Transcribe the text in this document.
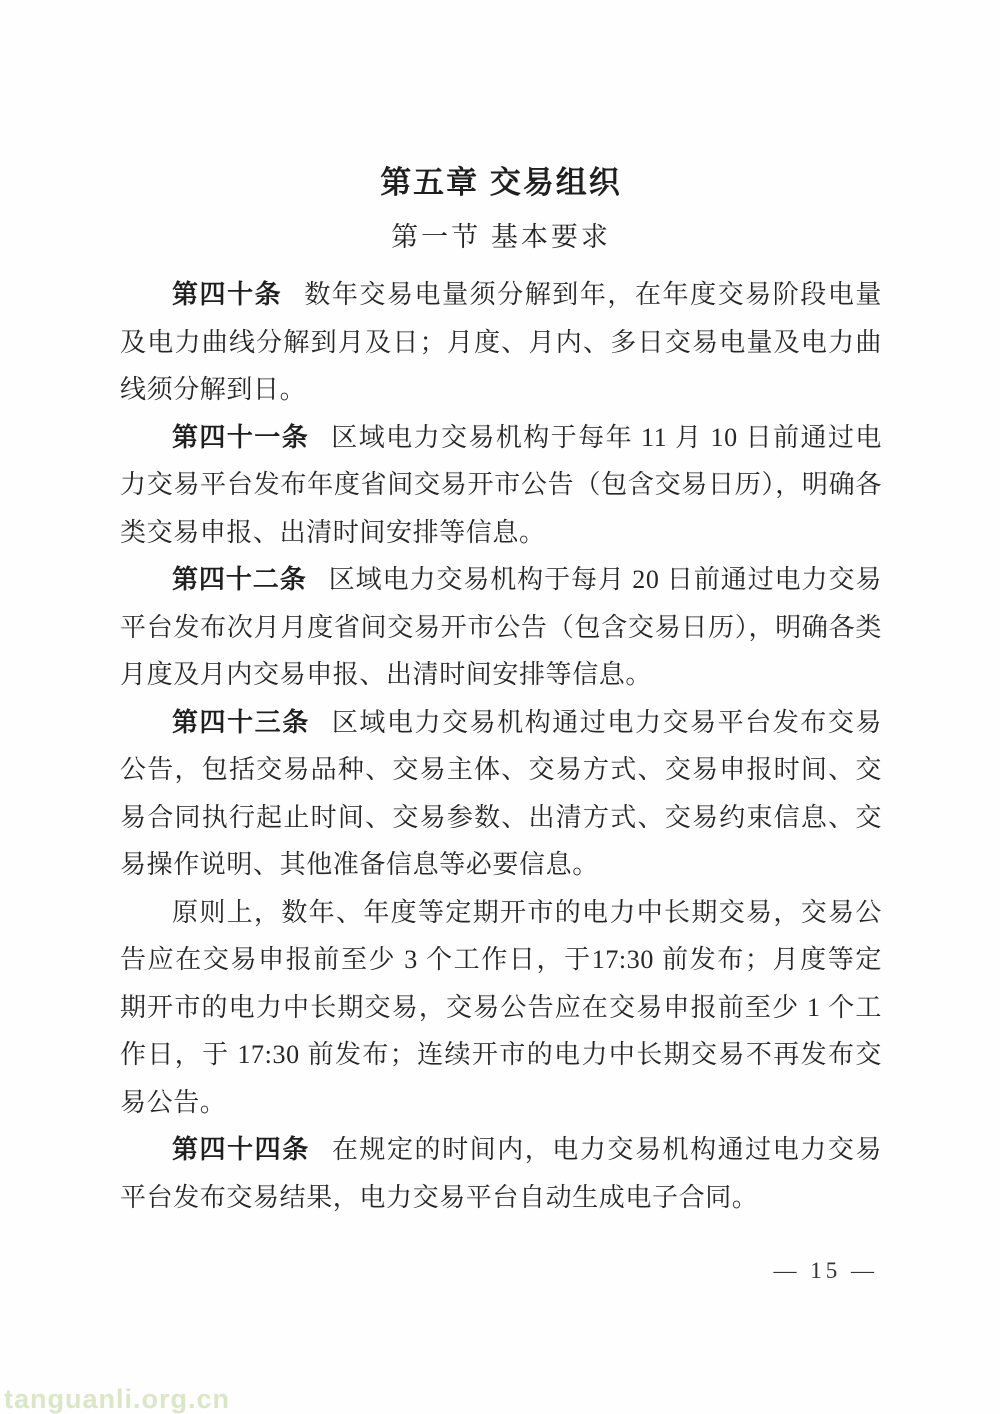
第五章 交易组织
第一节 基本要求

第四十条 数年交易电量须分解到年，在年度交易阶段电量及电力曲线分解到月及日；月度、月内、多日交易电量及电力曲线须分解到日。

第四十一条 区域电力交易机构于每年 11 月 10 日前通过电力交易平台发布年度省间交易开市公告（包含交易日历），明确各类交易申报、出清时间安排等信息。

第四十二条 区域电力交易机构于每月 20 日前通过电力交易平台发布次月月度省间交易开市公告（包含交易日历），明确各类月度及月内交易申报、出清时间安排等信息。

第四十三条 区域电力交易机构通过电力交易平台发布交易公告，包括交易品种、交易主体、交易方式、交易申报时间、交易合同执行起止时间、交易参数、出清方式、交易约束信息、交易操作说明、其他准备信息等必要信息。

原则上，数年、年度等定期开市的电力中长期交易，交易公告应在交易申报前至少 3 个工作日，于17:30 前发布；月度等定期开市的电力中长期交易，交易公告应在交易申报前至少 1 个工作日，于 17:30 前发布；连续开市的电力中长期交易不再发布交易公告。

第四十四条 在规定的时间内，电力交易机构通过电力交易平台发布交易结果，电力交易平台自动生成电子合同。

— 15 —
tanguanli.org.cn
